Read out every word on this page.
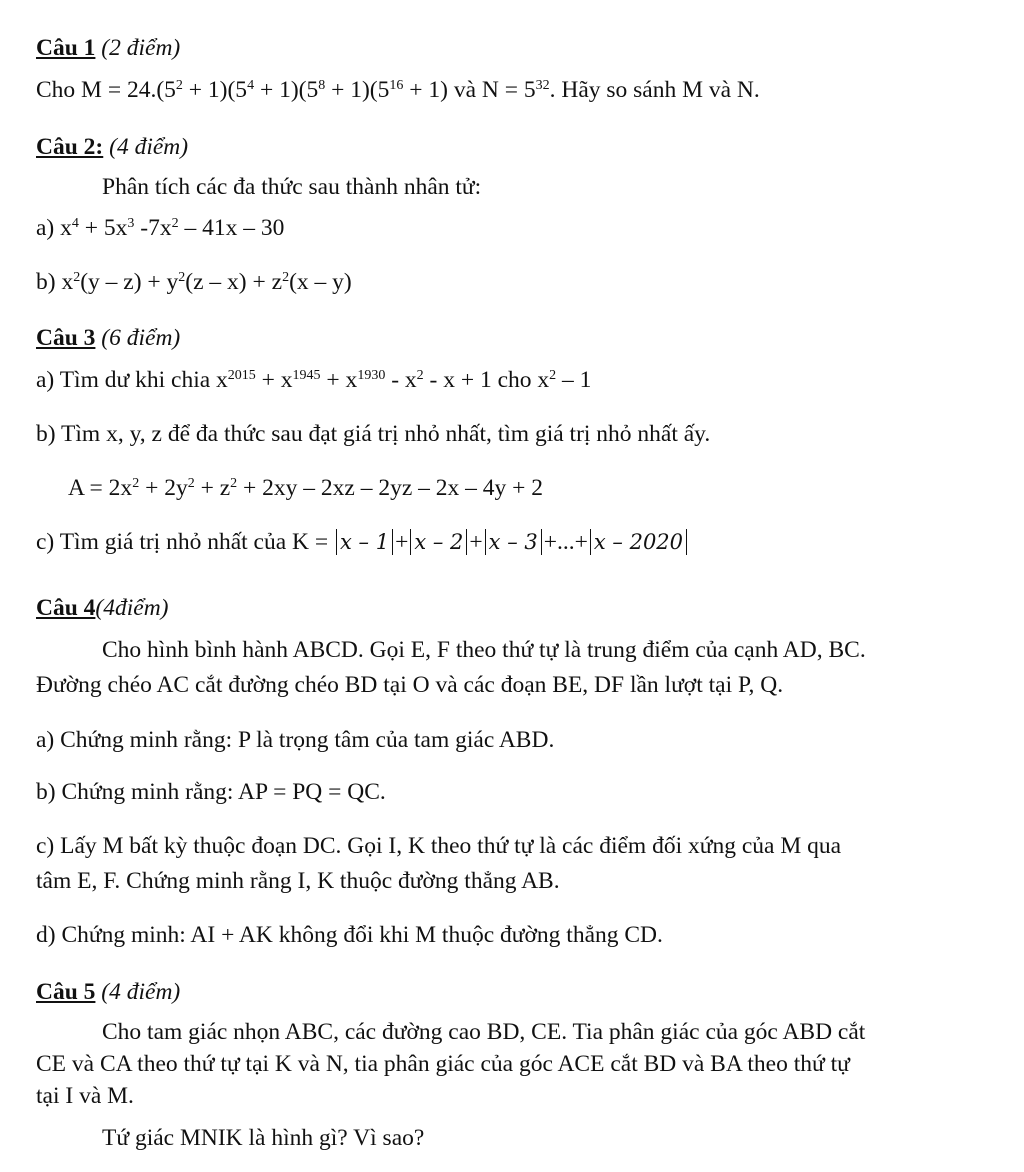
Câu 1 (2 điểm)
Cho $M = 24.(5^2 + 1)(5^4 + 1)(5^8 + 1)(5^{16} + 1)$ và $N = 5^{32}$. Hãy so sánh M và N.
Câu 2: (4 điểm)
Phân tích các đa thức sau thành nhân tử:
a) $x^4 + 5x^3$ $-7x^2 - 41x - 30$
b) $x^2(y - z) + y^2(z - x) + z^2(x - y)$
Câu 3 (6 điểm)
a) Tìm dư khi chia $x^{2015} + x^{1945} + x^{1930} - x^2 - x + 1$ cho $x^2 - 1$
b) Tìm x, y, z để đa thức sau đạt giá trị nhỏ nhất, tìm giá trị nhỏ nhất ấy.
$A = 2x^2 + 2y^2 + z^2 + 2xy - 2xz - 2yz - 2x - 4y + 2$
c) Tìm giá trị nhỏ nhất của K = x – 1 + x – 2 + x – 3 +...+ x – 2020
Câu 4(4điểm)
Cho hình bình hành ABCD. Gọi E, F theo thứ tự là trung điểm của cạnh AD, BC.
Đường chéo AC cắt đường chéo BD tại O và các đoạn BE, DF lần lượt tại P, Q.
a) Chứng minh rằng: P là trọng tâm của tam giác ABD.
b) Chứng minh rằng: AP = PQ = QC.
c) Lấy M bất kỳ thuộc đoạn DC. Gọi I, K theo thứ tự là các điểm đối xứng của M qua
tâm E, F. Chứng minh rằng I, K thuộc đường thẳng AB.
d) Chứng minh: AI + AK không đổi khi M thuộc đường thẳng CD.
Câu 5 (4 điểm)
Cho tam giác nhọn ABC, các đường cao BD, CE. Tia phân giác của góc ABD cắt
CE và CA theo thứ tự tại K và N, tia phân giác của góc ACE cắt BD và BA theo thứ tự
tại I và M.
Tứ giác MNIK là hình gì? Vì sao?
